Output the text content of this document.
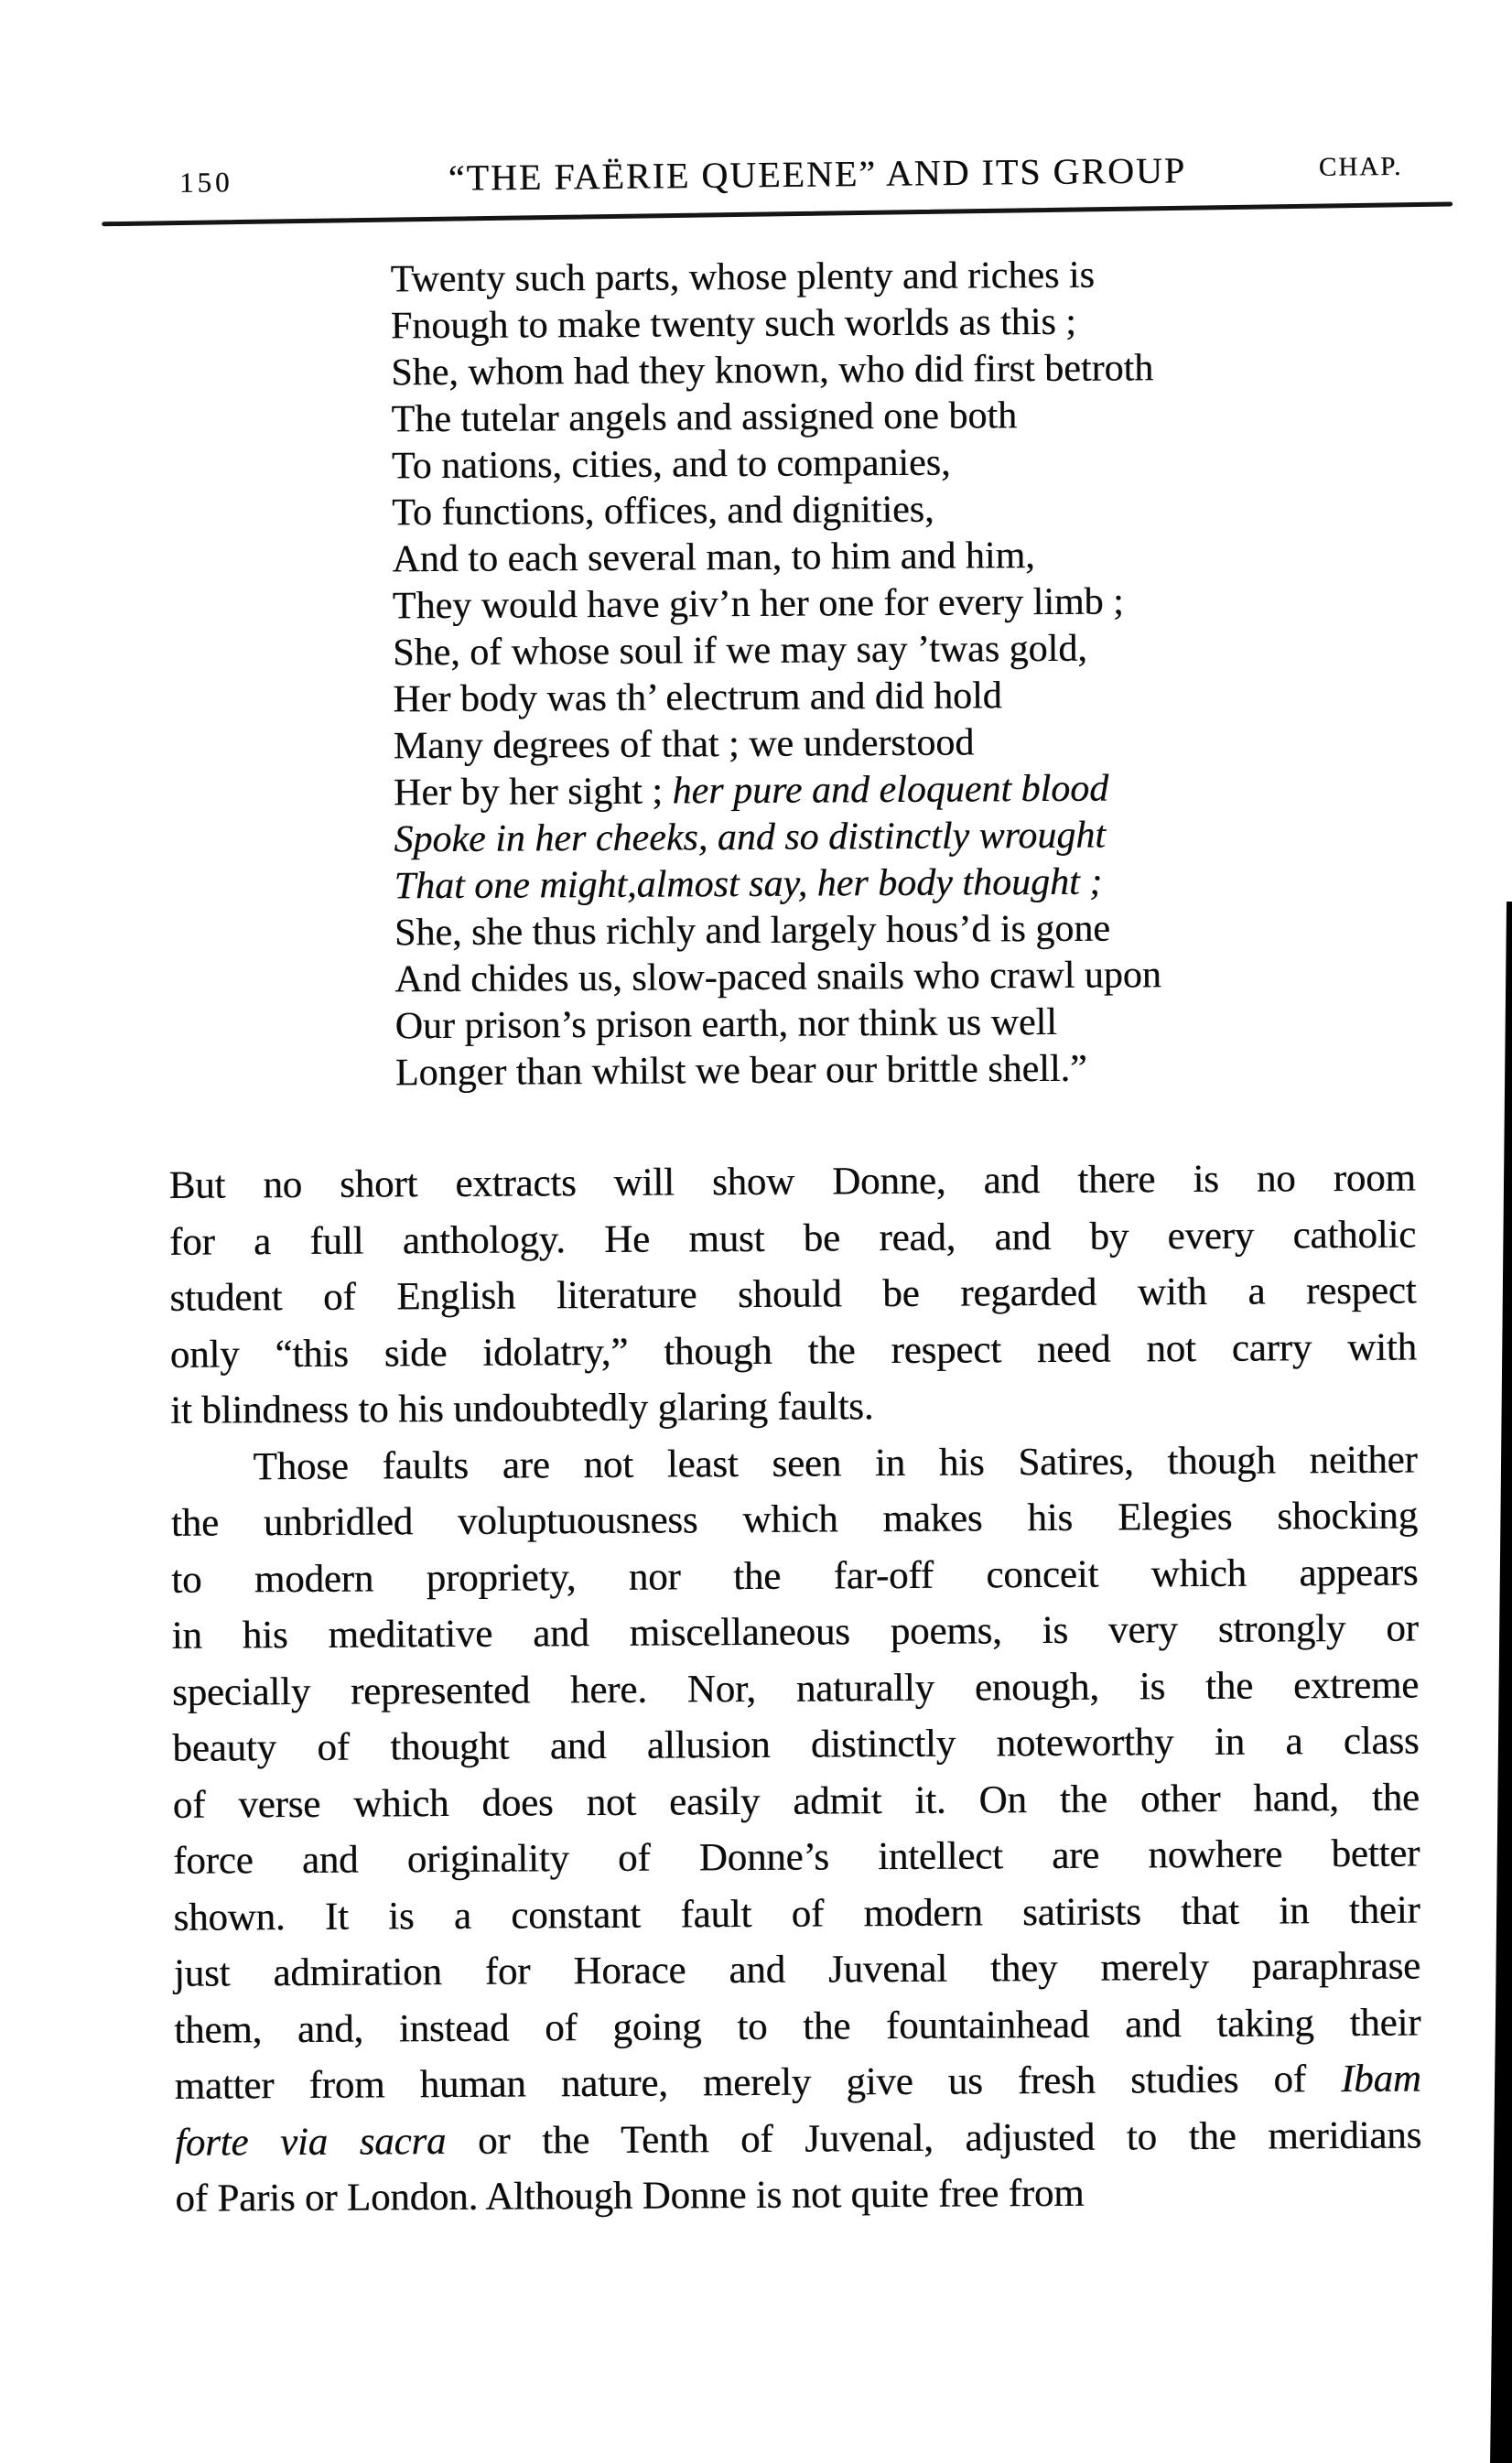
150	“THE FAËRIE QUEENE” AND ITS GROUP	CHAP.
Twenty such parts, whose plenty and riches is
Fnough to make twenty such worlds as this ;
She, whom had they known, who did first betroth
The tutelar angels and assigned one both
To nations, cities, and to companies,
To functions, offices, and dignities,
And to each several man, to him and him,
They would have giv’n her one for every limb ;
She, of whose soul if we may say ’twas gold,
Her body was th’ electrum and did hold
Many degrees of that ; we understood
Her by her sight ; her pure and eloquent blood
Spoke in her cheeks, and so distinctly wrought
That one might,almost say, her body thought ;
She, she thus richly and largely hous’d is gone
And chides us, slow-paced snails who crawl upon
Our prison’s prison earth, nor think us well
Longer than whilst we bear our brittle shell.”
But no short extracts will show Donne, and there is no room
for a full anthology. He must be read, and by every catholic
student of English literature should be regarded with a respect
only “this side idolatry,” though the respect need not carry with
it blindness to his undoubtedly glaring faults.
Those faults are not least seen in his Satires, though neither
the unbridled voluptuousness which makes his Elegies shocking
to modern propriety, nor the far-off conceit which appears
in his meditative and miscellaneous poems, is very strongly or
specially represented here. Nor, naturally enough, is the extreme
beauty of thought and allusion distinctly noteworthy in a class
of verse which does not easily admit it. On the other hand, the
force and originality of Donne’s intellect are nowhere better
shown. It is a constant fault of modern satirists that in their
just admiration for Horace and Juvenal they merely paraphrase
them, and, instead of going to the fountainhead and taking their
matter from human nature, merely give us fresh studies of Ibam
forte via sacra or the Tenth of Juvenal, adjusted to the meridians
of Paris or London. Although Donne is not quite free from
